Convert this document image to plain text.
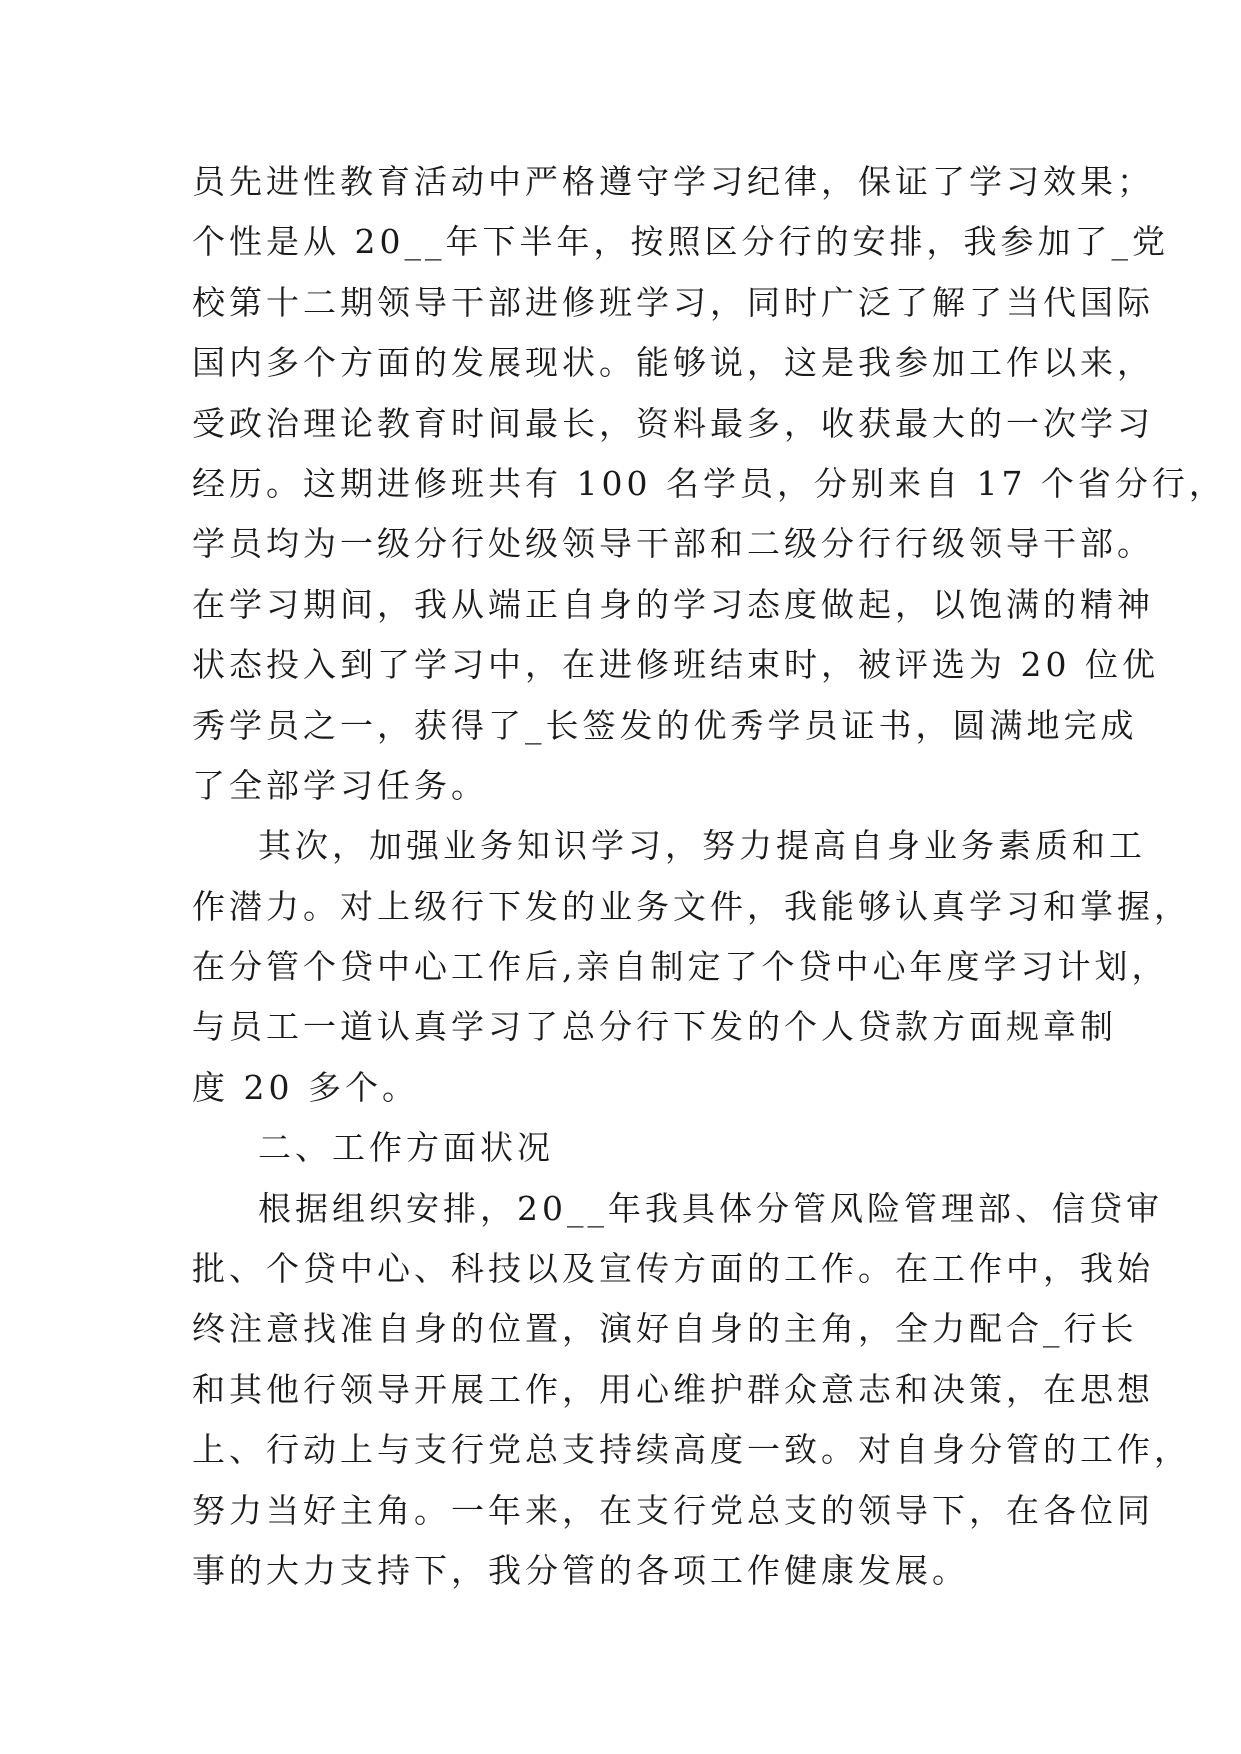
员先进性教育活动中严格遵守学习纪律，保证了学习效果；
个性是从 20__年下半年，按照区分行的安排，我参加了_党
校第十二期领导干部进修班学习，同时广泛了解了当代国际
国内多个方面的发展现状。能够说，这是我参加工作以来，
受政治理论教育时间最长，资料最多，收获最大的一次学习
经历。这期进修班共有 100 名学员，分别来自 17 个省分行，
学员均为一级分行处级领导干部和二级分行行级领导干部。
在学习期间，我从端正自身的学习态度做起，以饱满的精神
状态投入到了学习中，在进修班结束时，被评选为 20 位优
秀学员之一，获得了_长签发的优秀学员证书，圆满地完成
了全部学习任务。
其次，加强业务知识学习，努力提高自身业务素质和工
作潜力。对上级行下发的业务文件，我能够认真学习和掌握，
在分管个贷中心工作后,亲自制定了个贷中心年度学习计划，
与员工一道认真学习了总分行下发的个人贷款方面规章制
度 20 多个。
二、工作方面状况
根据组织安排，20__年我具体分管风险管理部、信贷审
批、个贷中心、科技以及宣传方面的工作。在工作中，我始
终注意找准自身的位置，演好自身的主角，全力配合_行长
和其他行领导开展工作，用心维护群众意志和决策，在思想
上、行动上与支行党总支持续高度一致。对自身分管的工作，
努力当好主角。一年来，在支行党总支的领导下，在各位同
事的大力支持下，我分管的各项工作健康发展。
